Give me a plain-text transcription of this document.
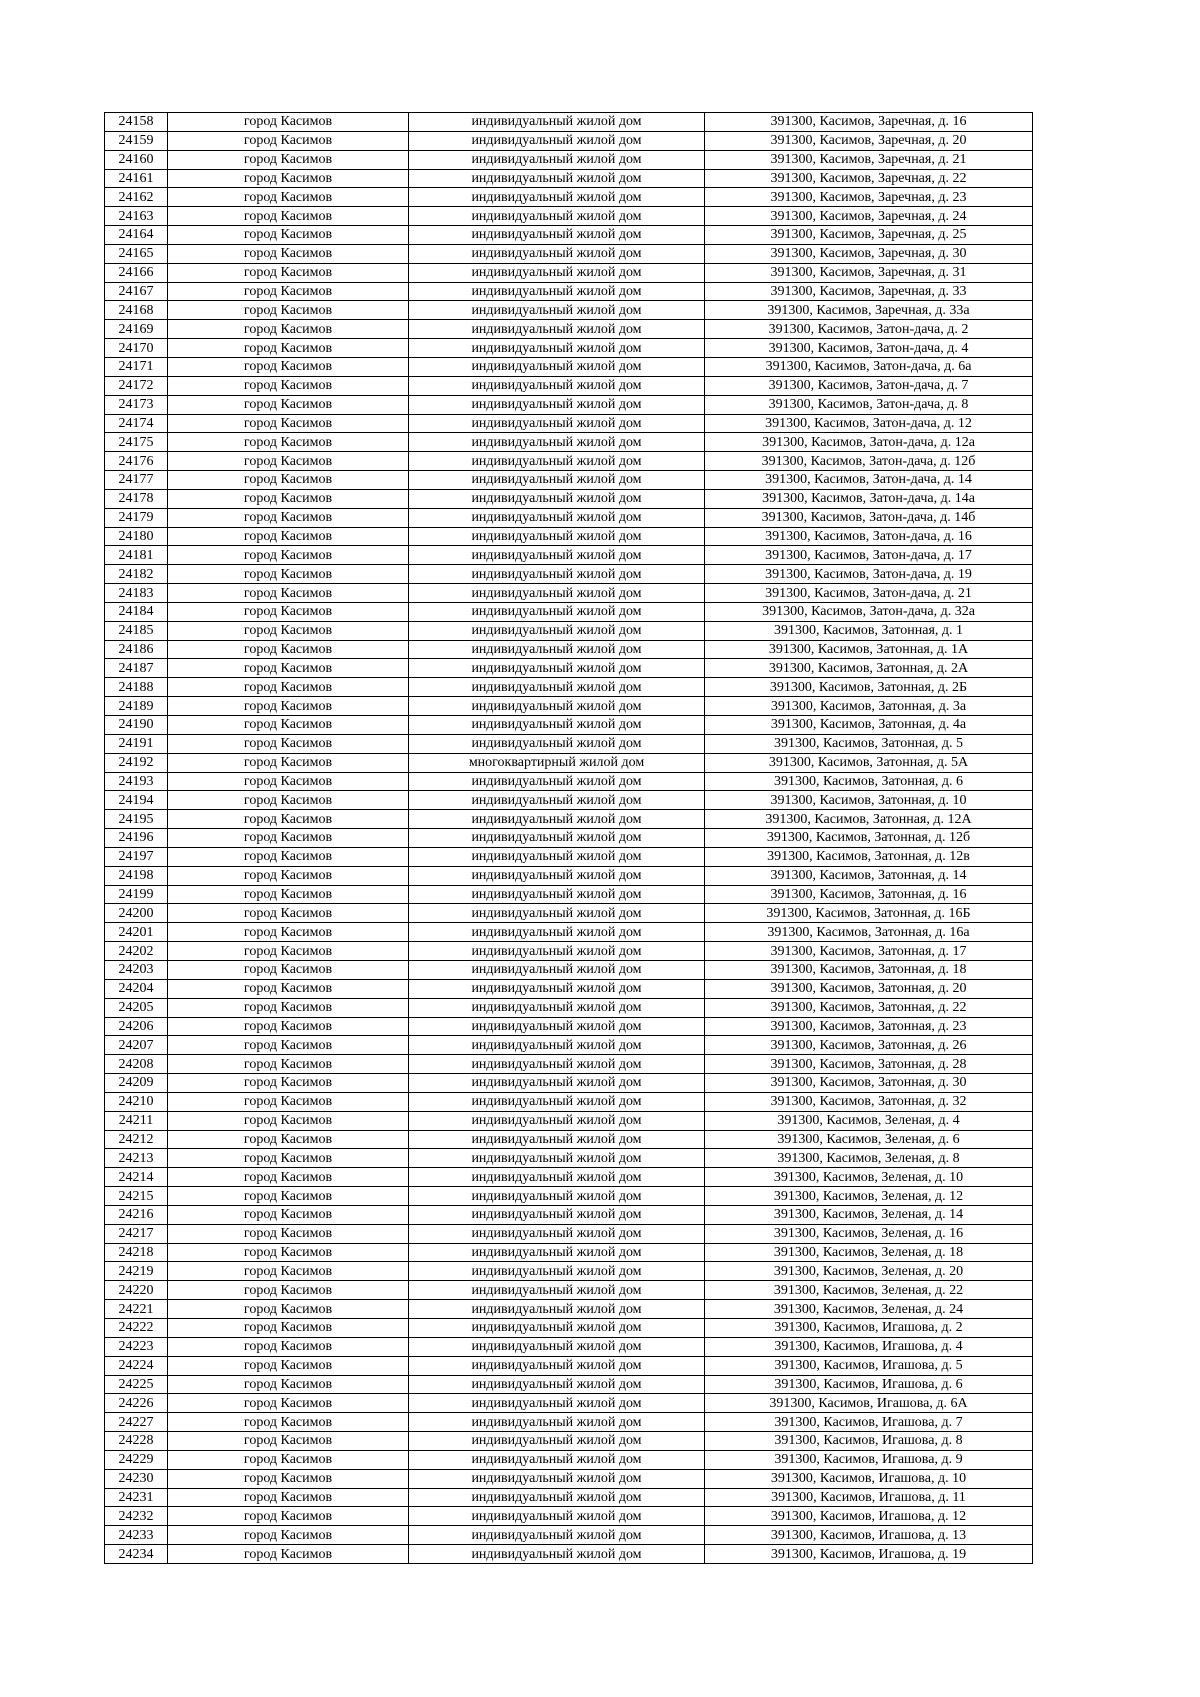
24158	город Касимов	индивидуальный жилой дом	391300, Касимов, Заречная, д. 16
24159	город Касимов	индивидуальный жилой дом	391300, Касимов, Заречная, д. 20
24160	город Касимов	индивидуальный жилой дом	391300, Касимов, Заречная, д. 21
24161	город Касимов	индивидуальный жилой дом	391300, Касимов, Заречная, д. 22
24162	город Касимов	индивидуальный жилой дом	391300, Касимов, Заречная, д. 23
24163	город Касимов	индивидуальный жилой дом	391300, Касимов, Заречная, д. 24
24164	город Касимов	индивидуальный жилой дом	391300, Касимов, Заречная, д. 25
24165	город Касимов	индивидуальный жилой дом	391300, Касимов, Заречная, д. 30
24166	город Касимов	индивидуальный жилой дом	391300, Касимов, Заречная, д. 31
24167	город Касимов	индивидуальный жилой дом	391300, Касимов, Заречная, д. 33
24168	город Касимов	индивидуальный жилой дом	391300, Касимов, Заречная, д. 33а
24169	город Касимов	индивидуальный жилой дом	391300, Касимов, Затон-дача, д. 2
24170	город Касимов	индивидуальный жилой дом	391300, Касимов, Затон-дача, д. 4
24171	город Касимов	индивидуальный жилой дом	391300, Касимов, Затон-дача, д. 6а
24172	город Касимов	индивидуальный жилой дом	391300, Касимов, Затон-дача, д. 7
24173	город Касимов	индивидуальный жилой дом	391300, Касимов, Затон-дача, д. 8
24174	город Касимов	индивидуальный жилой дом	391300, Касимов, Затон-дача, д. 12
24175	город Касимов	индивидуальный жилой дом	391300, Касимов, Затон-дача, д. 12а
24176	город Касимов	индивидуальный жилой дом	391300, Касимов, Затон-дача, д. 12б
24177	город Касимов	индивидуальный жилой дом	391300, Касимов, Затон-дача, д. 14
24178	город Касимов	индивидуальный жилой дом	391300, Касимов, Затон-дача, д. 14а
24179	город Касимов	индивидуальный жилой дом	391300, Касимов, Затон-дача, д. 14б
24180	город Касимов	индивидуальный жилой дом	391300, Касимов, Затон-дача, д. 16
24181	город Касимов	индивидуальный жилой дом	391300, Касимов, Затон-дача, д. 17
24182	город Касимов	индивидуальный жилой дом	391300, Касимов, Затон-дача, д. 19
24183	город Касимов	индивидуальный жилой дом	391300, Касимов, Затон-дача, д. 21
24184	город Касимов	индивидуальный жилой дом	391300, Касимов, Затон-дача, д. 32а
24185	город Касимов	индивидуальный жилой дом	391300, Касимов, Затонная, д. 1
24186	город Касимов	индивидуальный жилой дом	391300, Касимов, Затонная, д. 1А
24187	город Касимов	индивидуальный жилой дом	391300, Касимов, Затонная, д. 2А
24188	город Касимов	индивидуальный жилой дом	391300, Касимов, Затонная, д. 2Б
24189	город Касимов	индивидуальный жилой дом	391300, Касимов, Затонная, д. 3а
24190	город Касимов	индивидуальный жилой дом	391300, Касимов, Затонная, д. 4а
24191	город Касимов	индивидуальный жилой дом	391300, Касимов, Затонная, д. 5
24192	город Касимов	многоквартирный жилой дом	391300, Касимов, Затонная, д. 5А
24193	город Касимов	индивидуальный жилой дом	391300, Касимов, Затонная, д. 6
24194	город Касимов	индивидуальный жилой дом	391300, Касимов, Затонная, д. 10
24195	город Касимов	индивидуальный жилой дом	391300, Касимов, Затонная, д. 12А
24196	город Касимов	индивидуальный жилой дом	391300, Касимов, Затонная, д. 12б
24197	город Касимов	индивидуальный жилой дом	391300, Касимов, Затонная, д. 12в
24198	город Касимов	индивидуальный жилой дом	391300, Касимов, Затонная, д. 14
24199	город Касимов	индивидуальный жилой дом	391300, Касимов, Затонная, д. 16
24200	город Касимов	индивидуальный жилой дом	391300, Касимов, Затонная, д. 16Б
24201	город Касимов	индивидуальный жилой дом	391300, Касимов, Затонная, д. 16а
24202	город Касимов	индивидуальный жилой дом	391300, Касимов, Затонная, д. 17
24203	город Касимов	индивидуальный жилой дом	391300, Касимов, Затонная, д. 18
24204	город Касимов	индивидуальный жилой дом	391300, Касимов, Затонная, д. 20
24205	город Касимов	индивидуальный жилой дом	391300, Касимов, Затонная, д. 22
24206	город Касимов	индивидуальный жилой дом	391300, Касимов, Затонная, д. 23
24207	город Касимов	индивидуальный жилой дом	391300, Касимов, Затонная, д. 26
24208	город Касимов	индивидуальный жилой дом	391300, Касимов, Затонная, д. 28
24209	город Касимов	индивидуальный жилой дом	391300, Касимов, Затонная, д. 30
24210	город Касимов	индивидуальный жилой дом	391300, Касимов, Затонная, д. 32
24211	город Касимов	индивидуальный жилой дом	391300, Касимов, Зеленая, д. 4
24212	город Касимов	индивидуальный жилой дом	391300, Касимов, Зеленая, д. 6
24213	город Касимов	индивидуальный жилой дом	391300, Касимов, Зеленая, д. 8
24214	город Касимов	индивидуальный жилой дом	391300, Касимов, Зеленая, д. 10
24215	город Касимов	индивидуальный жилой дом	391300, Касимов, Зеленая, д. 12
24216	город Касимов	индивидуальный жилой дом	391300, Касимов, Зеленая, д. 14
24217	город Касимов	индивидуальный жилой дом	391300, Касимов, Зеленая, д. 16
24218	город Касимов	индивидуальный жилой дом	391300, Касимов, Зеленая, д. 18
24219	город Касимов	индивидуальный жилой дом	391300, Касимов, Зеленая, д. 20
24220	город Касимов	индивидуальный жилой дом	391300, Касимов, Зеленая, д. 22
24221	город Касимов	индивидуальный жилой дом	391300, Касимов, Зеленая, д. 24
24222	город Касимов	индивидуальный жилой дом	391300, Касимов, Игашова, д. 2
24223	город Касимов	индивидуальный жилой дом	391300, Касимов, Игашова, д. 4
24224	город Касимов	индивидуальный жилой дом	391300, Касимов, Игашова, д. 5
24225	город Касимов	индивидуальный жилой дом	391300, Касимов, Игашова, д. 6
24226	город Касимов	индивидуальный жилой дом	391300, Касимов, Игашова, д. 6А
24227	город Касимов	индивидуальный жилой дом	391300, Касимов, Игашова, д. 7
24228	город Касимов	индивидуальный жилой дом	391300, Касимов, Игашова, д. 8
24229	город Касимов	индивидуальный жилой дом	391300, Касимов, Игашова, д. 9
24230	город Касимов	индивидуальный жилой дом	391300, Касимов, Игашова, д. 10
24231	город Касимов	индивидуальный жилой дом	391300, Касимов, Игашова, д. 11
24232	город Касимов	индивидуальный жилой дом	391300, Касимов, Игашова, д. 12
24233	город Касимов	индивидуальный жилой дом	391300, Касимов, Игашова, д. 13
24234	город Касимов	индивидуальный жилой дом	391300, Касимов, Игашова, д. 19
